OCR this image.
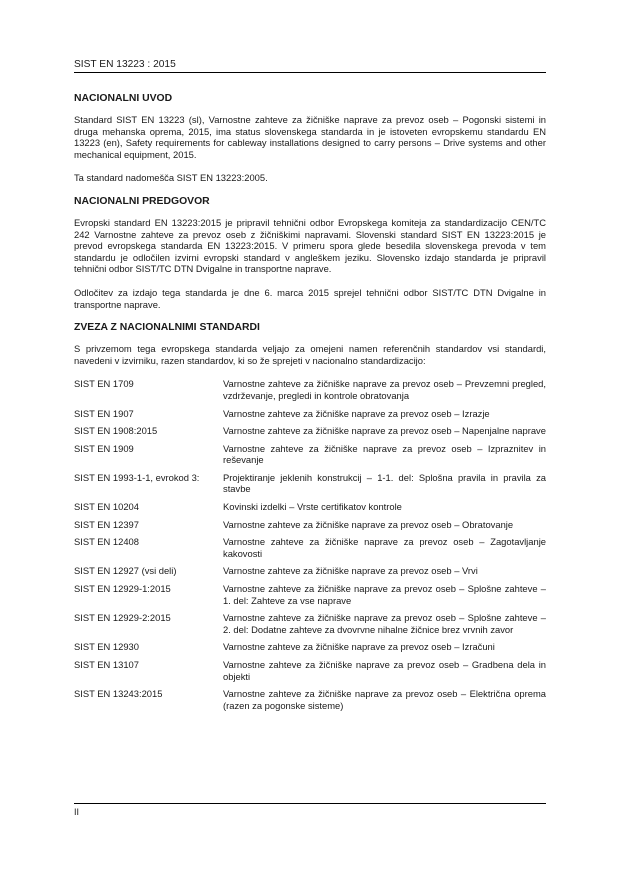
SIST EN 13223 : 2015
NACIONALNI UVOD

Standard SIST EN 13223 (sl), Varnostne zahteve za žičniške naprave za prevoz oseb – Pogonski sistemi in druga mehanska oprema, 2015, ima status slovenskega standarda in je istoveten evropskemu standardu EN 13223 (en), Safety requirements for cableway installations designed to carry persons – Drive systems and other mechanical equipment, 2015.

Ta standard nadomešča SIST EN 13223:2005.

NACIONALNI PREDGOVOR

Evropski standard EN 13223:2015 je pripravil tehnični odbor Evropskega komiteja za standardizacijo CEN/TC 242 Varnostne zahteve za prevoz oseb z žičniškimi napravami. Slovenski standard SIST EN 13223:2015 je prevod evropskega standarda EN 13223:2015. V primeru spora glede besedila slovenskega prevoda v tem standardu je odločilen izvirni evropski standard v angleškem jeziku. Slovensko izdajo standarda je pripravil tehnični odbor SIST/TC DTN Dvigalne in transportne naprave.

Odločitev za izdajo tega standarda je dne 6. marca 2015 sprejel tehnični odbor SIST/TC DTN Dvigalne in transportne naprave.

ZVEZA Z NACIONALNIMI STANDARDI

S privzemom tega evropskega standarda veljajo za omejeni namen referenčnih standardov vsi standardi, navedeni v izvirniku, razen standardov, ki so že sprejeti v nacionalno standardizacijo:

SIST EN 1709	Varnostne zahteve za žičniške naprave za prevoz oseb – Prevzemni pregled, vzdrževanje, pregledi in kontrole obratovanja
SIST EN 1907	Varnostne zahteve za žičniške naprave za prevoz oseb – Izrazje
SIST EN 1908:2015	Varnostne zahteve za žičniške naprave za prevoz oseb – Napenjalne naprave
SIST EN 1909	Varnostne zahteve za žičniške naprave za prevoz oseb – Izpraznitev in reševanje
SIST EN 1993-1-1, evrokod 3:	Projektiranje jeklenih konstrukcij – 1-1. del: Splošna pravila in pravila za stavbe
SIST EN 10204	Kovinski izdelki – Vrste certifikatov kontrole
SIST EN 12397	Varnostne zahteve za žičniške naprave za prevoz oseb – Obratovanje
SIST EN 12408	Varnostne zahteve za žičniške naprave za prevoz oseb – Zagotavljanje kakovosti
SIST EN 12927 (vsi deli)	Varnostne zahteve za žičniške naprave za prevoz oseb – Vrvi
SIST EN 12929-1:2015	Varnostne zahteve za žičniške naprave za prevoz oseb – Splošne zahteve – 1. del: Zahteve za vse naprave
SIST EN 12929-2:2015	Varnostne zahteve za žičniške naprave za prevoz oseb – Splošne zahteve – 2. del: Dodatne zahteve za dvovrvne nihalne žičnice brez vrvnih zavor
SIST EN 12930	Varnostne zahteve za žičniške naprave za prevoz oseb – Izračuni
SIST EN 13107	Varnostne zahteve za žičniške naprave za prevoz oseb – Gradbena dela in objekti
SIST EN 13243:2015	Varnostne zahteve za žičniške naprave za prevoz oseb – Električna oprema (razen za pogonske sisteme)
II
